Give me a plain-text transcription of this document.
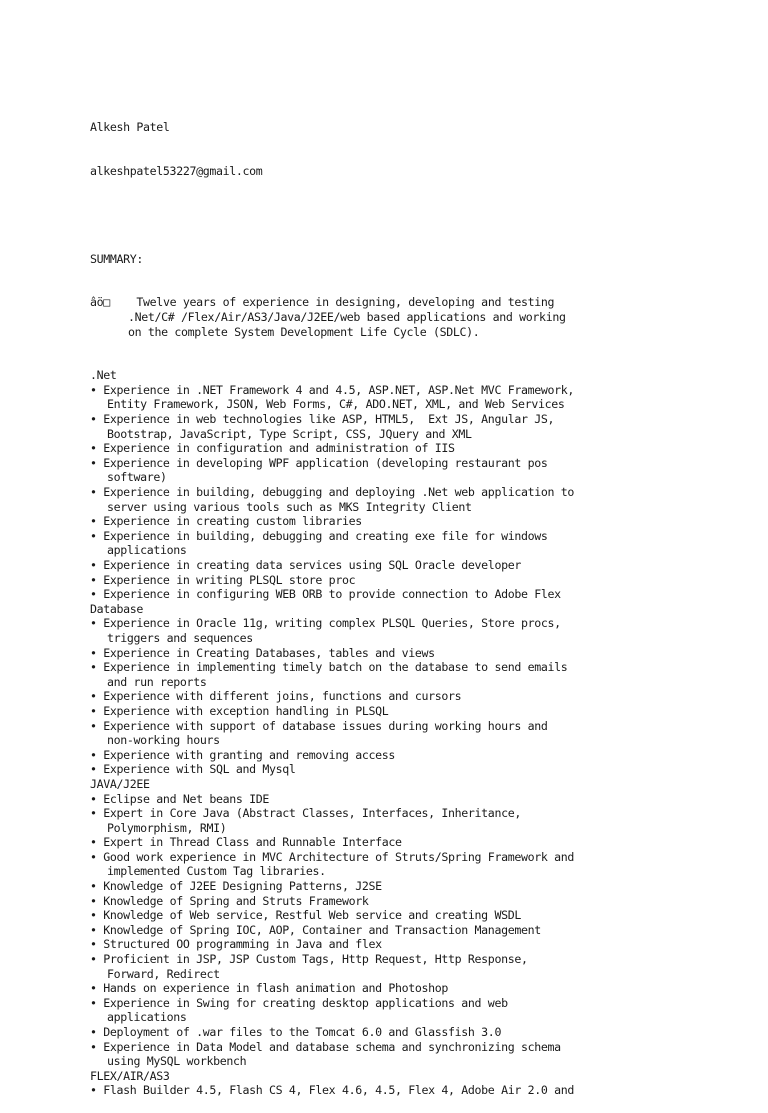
Alkesh Patel

alkeshpatel53227@gmail.com

SUMMARY:

âö□    Twelve years of experience in designing, developing and testing
.Net/C# /Flex/Air/AS3/Java/J2EE/web based applications and working
on the complete System Development Life Cycle (SDLC).

.Net
• Experience in .NET Framework 4 and 4.5, ASP.NET, ASP.Net MVC Framework,
Entity Framework, JSON, Web Forms, C#, ADO.NET, XML, and Web Services
• Experience in web technologies like ASP, HTML5,  Ext JS, Angular JS,
Bootstrap, JavaScript, Type Script, CSS, JQuery and XML
• Experience in configuration and administration of IIS
• Experience in developing WPF application (developing restaurant pos
software)
• Experience in building, debugging and deploying .Net web application to
server using various tools such as MKS Integrity Client
• Experience in creating custom libraries
• Experience in building, debugging and creating exe file for windows
applications
• Experience in creating data services using SQL Oracle developer
• Experience in writing PLSQL store proc
• Experience in configuring WEB ORB to provide connection to Adobe Flex
Database
• Experience in Oracle 11g, writing complex PLSQL Queries, Store procs,
triggers and sequences
• Experience in Creating Databases, tables and views
• Experience in implementing timely batch on the database to send emails
and run reports
• Experience with different joins, functions and cursors
• Experience with exception handling in PLSQL
• Experience with support of database issues during working hours and
non-working hours
• Experience with granting and removing access
• Experience with SQL and Mysql
JAVA/J2EE
• Eclipse and Net beans IDE
• Expert in Core Java (Abstract Classes, Interfaces, Inheritance,
Polymorphism, RMI)
• Expert in Thread Class and Runnable Interface
• Good work experience in MVC Architecture of Struts/Spring Framework and
implemented Custom Tag libraries.
• Knowledge of J2EE Designing Patterns, J2SE
• Knowledge of Spring and Struts Framework
• Knowledge of Web service, Restful Web service and creating WSDL
• Knowledge of Spring IOC, AOP, Container and Transaction Management
• Structured OO programming in Java and flex
• Proficient in JSP, JSP Custom Tags, Http Request, Http Response,
Forward, Redirect
• Hands on experience in flash animation and Photoshop
• Experience in Swing for creating desktop applications and web
applications
• Deployment of .war files to the Tomcat 6.0 and Glassfish 3.0
• Experience in Data Model and database schema and synchronizing schema
using MySQL workbench
FLEX/AIR/AS3
• Flash Builder 4.5, Flash CS 4, Flex 4.6, 4.5, Flex 4, Adobe Air 2.0 and
